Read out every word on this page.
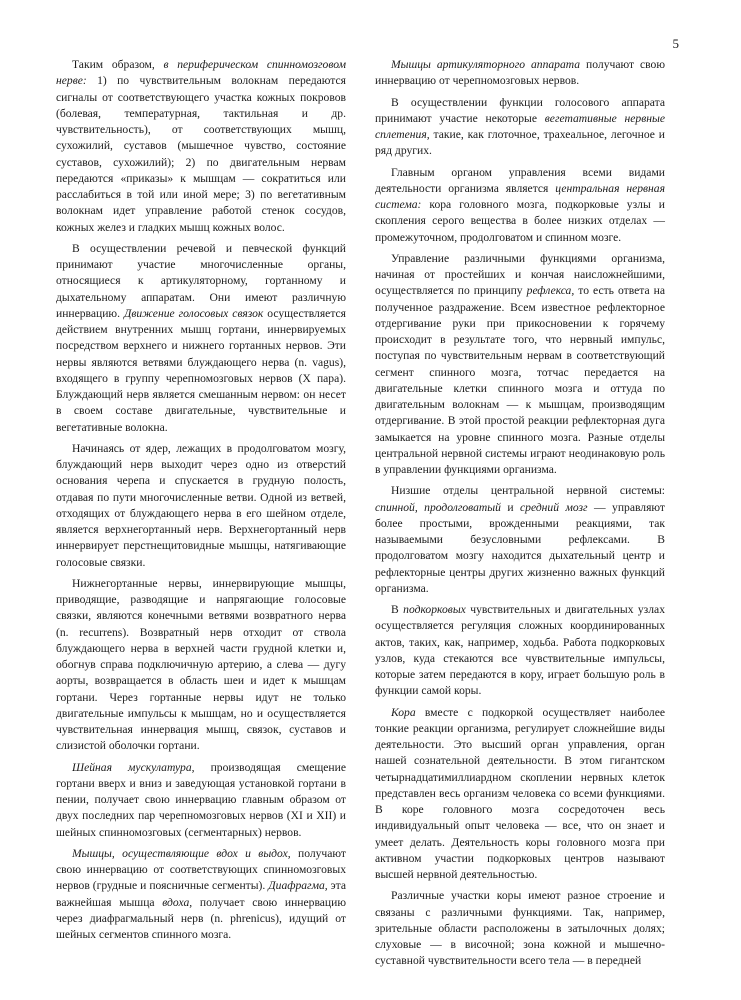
5

Таким образом, в периферическом спинномозговом нерве: 1) по чувствительным волокнам передаются сигналы от соответствующего участка кожных покровов (болевая, температурная, тактильная и др. чувствительность), от соответствующих мышц, сухожилий, суставов (мышечное чувство, состояние суставов, сухожилий); 2) по двигательным нервам передаются «приказы» к мышцам — сократиться или расслабиться в той или иной мере; 3) по вегетативным волокнам идет управление работой стенок сосудов, кожных желез и гладких мышц кожных волос.

В осуществлении речевой и певческой функций принимают участие многочисленные органы, относящиеся к артикуляторному, гортанному и дыхательному аппаратам. Они имеют различную иннервацию. Движение голосовых связок осуществляется действием внутренних мышц гортани, иннервируемых посредством верхнего и нижнего гортанных нервов. Эти нервы являются ветвями блуждающего нерва (n. vagus), входящего в группу черепномозговых нервов (X пара). Блуждающий нерв является смешанным нервом: он несет в своем составе двигательные, чувствительные и вегетативные волокна.

Начинаясь от ядер, лежащих в продолговатом мозгу, блуждающий нерв выходит через одно из отверстий основания черепа и спускается в грудную полость, отдавая по пути многочисленные ветви. Одной из ветвей, отходящих от блуждающего нерва в его шейном отделе, является верхнегортанный нерв. Верхнегортанный нерв иннервирует перстнещитовидные мышцы, натягивающие голосовые связки.

Нижнегортанные нервы, иннервирующие мышцы, приводящие, разводящие и напрягающие голосовые связки, являются конечными ветвями возвратного нерва (n. recurrens). Возвратный нерв отходит от ствола блуждающего нерва в верхней части грудной клетки и, обогнув справа подключичную артерию, а слева — дугу аорты, возвращается в область шеи и идет к мышцам гортани. Через гортанные нервы идут не только двигательные импульсы к мышцам, но и осуществляется чувствительная иннервация мышц, связок, суставов и слизистой оболочки гортани.

Шейная мускулатура, производящая смещение гортани вверх и вниз и заведующая установкой гортани в пении, получает свою иннервацию главным образом от двух последних пар черепномозговых нервов (XI и XII) и шейных спинномозговых (сегментарных) нервов.

Мышцы, осуществляющие вдох и выдох, получают свою иннервацию от соответствующих спинномозговых нервов (грудные и поясничные сегменты). Диафрагма, эта важнейшая мышца вдоха, получает свою иннервацию через диафрагмальный нерв (n. phrenicus), идущий от шейных сегментов спинного мозга.

Мышцы артикуляторного аппарата получают свою иннервацию от черепномозговых нервов.

В осуществлении функции голосового аппарата принимают участие некоторые вегетативные нервные сплетения, такие, как глоточное, трахеальное, легочное и ряд других.

Главным органом управления всеми видами деятельности организма является центральная нервная система: кора головного мозга, подкорковые узлы и скопления серого вещества в более низких отделах — промежуточном, продолговатом и спинном мозге.

Управление различными функциями организма, начиная от простейших и кончая наисложнейшими, осуществляется по принципу рефлекса, то есть ответа на полученное раздражение. Всем известное рефлекторное отдергивание руки при прикосновении к горячему происходит в результате того, что нервный импульс, поступая по чувствительным нервам в соответствующий сегмент спинного мозга, тотчас передается на двигательные клетки спинного мозга и оттуда по двигательным волокнам — к мышцам, производящим отдергивание. В этой простой реакции рефлекторная дуга замыкается на уровне спинного мозга. Разные отделы центральной нервной системы играют неодинаковую роль в управлении функциями организма.

Низшие отделы центральной нервной системы: спинной, продолговатый и средний мозг — управляют более простыми, врожденными реакциями, так называемыми безусловными рефлексами. В продолговатом мозгу находится дыхательный центр и рефлекторные центры других жизненно важных функций организма.

В подкорковых чувствительных и двигательных узлах осуществляется регуляция сложных координированных актов, таких, как, например, ходьба. Работа подкорковых узлов, куда стекаются все чувствительные импульсы, которые затем передаются в кору, играет большую роль в функции самой коры.

Кора вместе с подкоркой осуществляет наиболее тонкие реакции организма, регулирует сложнейшие виды деятельности. Это высший орган управления, орган нашей сознательной деятельности. В этом гигантском четырнадцатимиллиардном скоплении нервных клеток представлен весь организм человека со всеми функциями. В коре головного мозга сосредоточен весь индивидуальный опыт человека — все, что он знает и умеет делать. Деятельность коры головного мозга при активном участии подкорковых центров называют высшей нервной деятельностью.

Различные участки коры имеют разное строение и связаны с различными функциями. Так, например, зрительные области расположены в затылочных долях; слуховые — в височной; зона кожной и мышечно-суставной чувствительности всего тела — в передней
